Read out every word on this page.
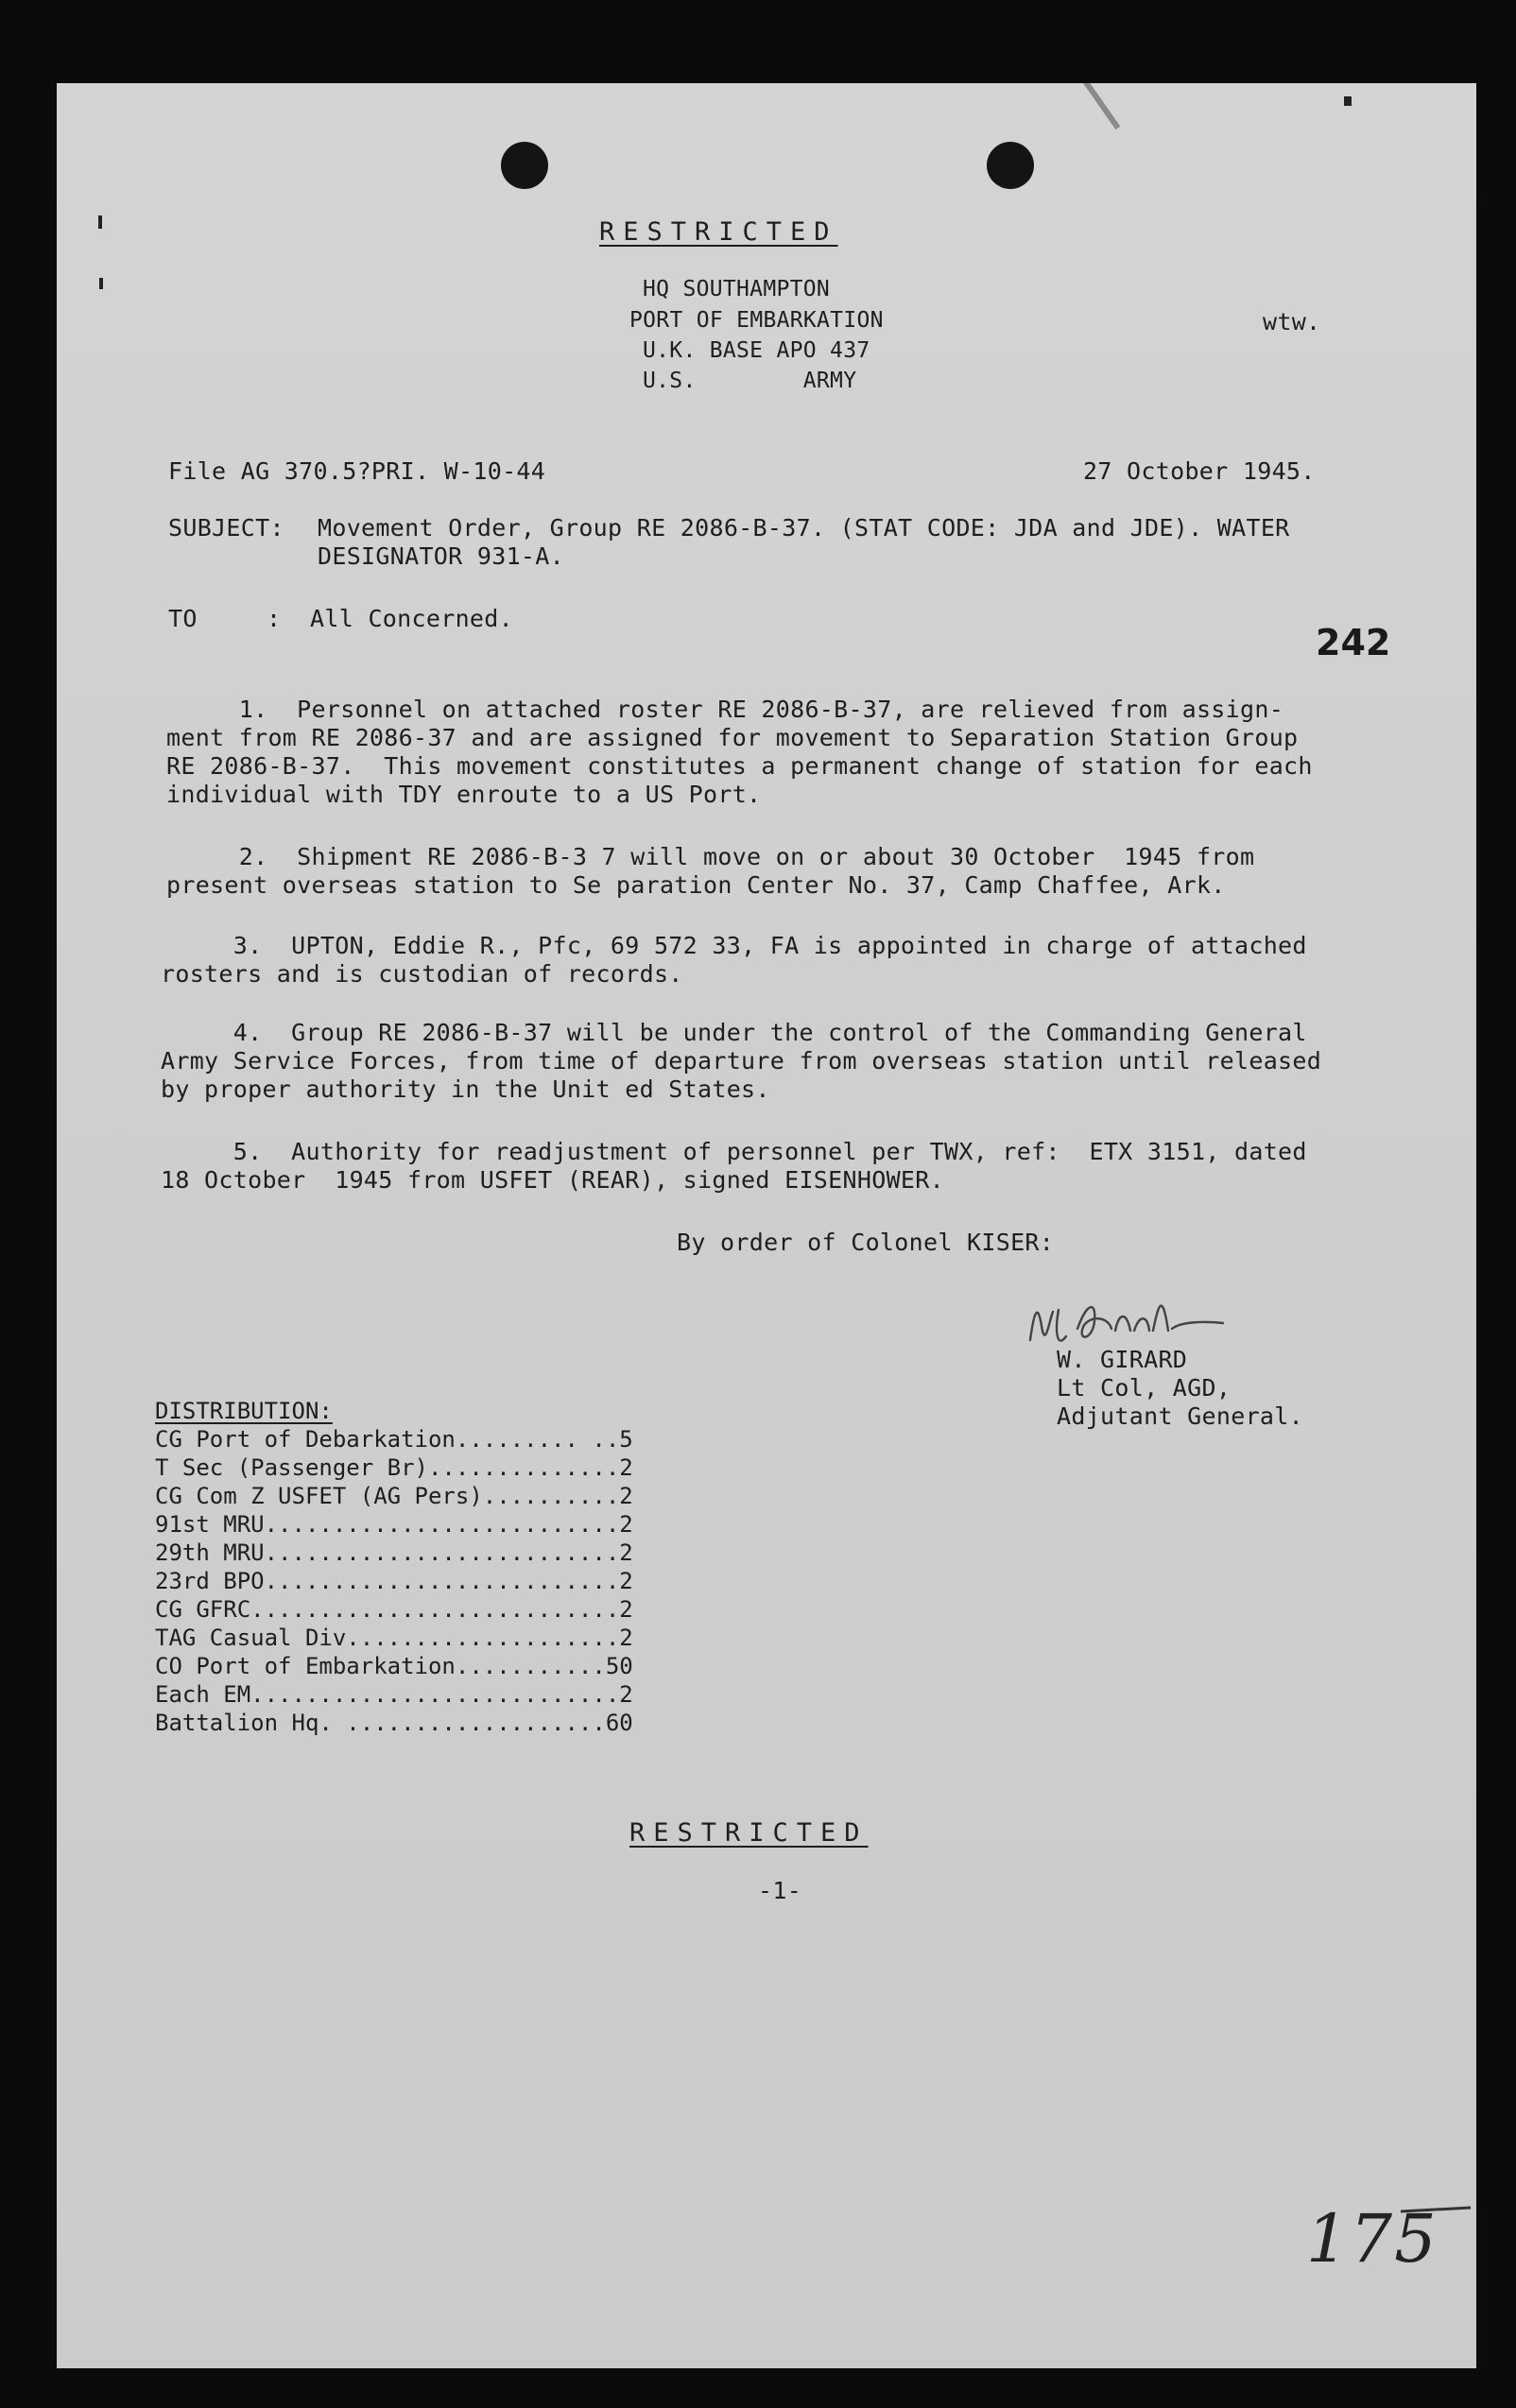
RESTRICTED
HQ SOUTHAMPTON
PORT OF EMBARKATION
U.K. BASE APO 437
U.S.        ARMY
wtw.
File AG 370.5?PRI. W-10-44	27 October 1945.
SUBJECT: Movement Order, Group RE 2086-B-37. (STAT CODE: JDA and JDE). WATER
DESIGNATOR 931-A.
TO	:  All Concerned.
242
1.  Personnel on attached roster RE 2086-B-37, are relieved from assign-
ment from RE 2086-37 and are assigned for movement to Separation Station Group
RE 2086-B-37.  This movement constitutes a permanent change of station for each
individual with TDY enroute to a US Port.
2.  Shipment RE 2086-B-3 7 will move on or about 30 October  1945 from
present overseas station to Se paration Center No. 37, Camp Chaffee, Ark.
3.  UPTON, Eddie R., Pfc, 69 572 33, FA is appointed in charge of attached
rosters and is custodian of records.
4.  Group RE 2086-B-37 will be under the control of the Commanding General
Army Service Forces, from time of departure from overseas station until released
by proper authority in the Unit ed States.
5.  Authority for readjustment of personnel per TWX, ref:  ETX 3151, dated
18 October  1945 from USFET (REAR), signed EISENHOWER.
By order of Colonel KISER:
W. GIRARD
Lt Col, AGD,
Adjutant General.
DISTRIBUTION:
CG Port of Debarkation......... ..5
T Sec (Passenger Br)..............2
CG Com Z USFET (AG Pers)..........2
91st MRU..........................2
29th MRU..........................2
23rd BPO..........................2
CG GFRC...........................2
TAG Casual Div....................2
CO Port of Embarkation...........50
Each EM...........................2
Battalion Hq. ...................60
RESTRICTED
-1-
175
